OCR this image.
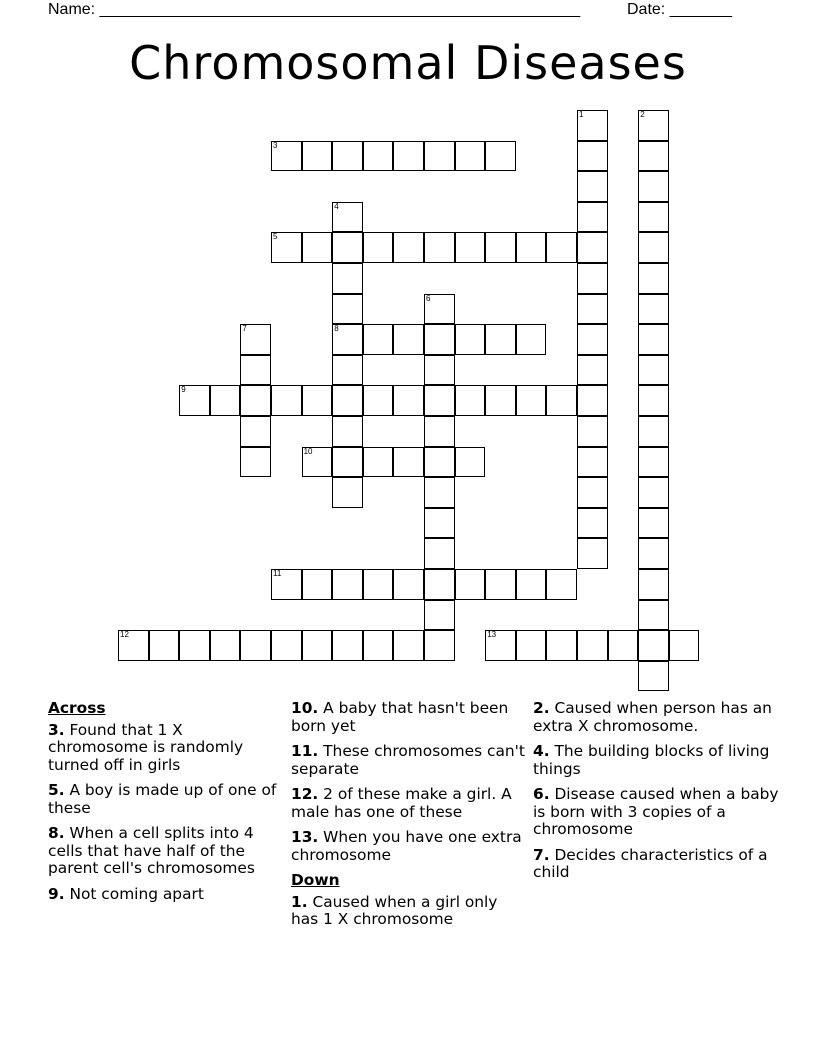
Name: ______________________________________________________	Date: _______
Chromosomal Diseases
1	2
3
4
8
5
6
7
9
10
11
12	13
Across
3. Found that 1 X chromosome is randomly turned off in girls
5. A boy is made up of one of these
8. When a cell splits into 4 cells that have half of the parent cell's chromosomes
9. Not coming apart
10. A baby that hasn't been born yet
11. These chromosomes can't separate
12. 2 of these make a girl. A male has one of these
13. When you have one extra chromosome
Down
1. Caused when a girl only has 1 X chromosome
2. Caused when person has an extra X chromosome.
4. The building blocks of living things
6. Disease caused when a baby is born with 3 copies of a chromosome
7. Decides characteristics of a child
